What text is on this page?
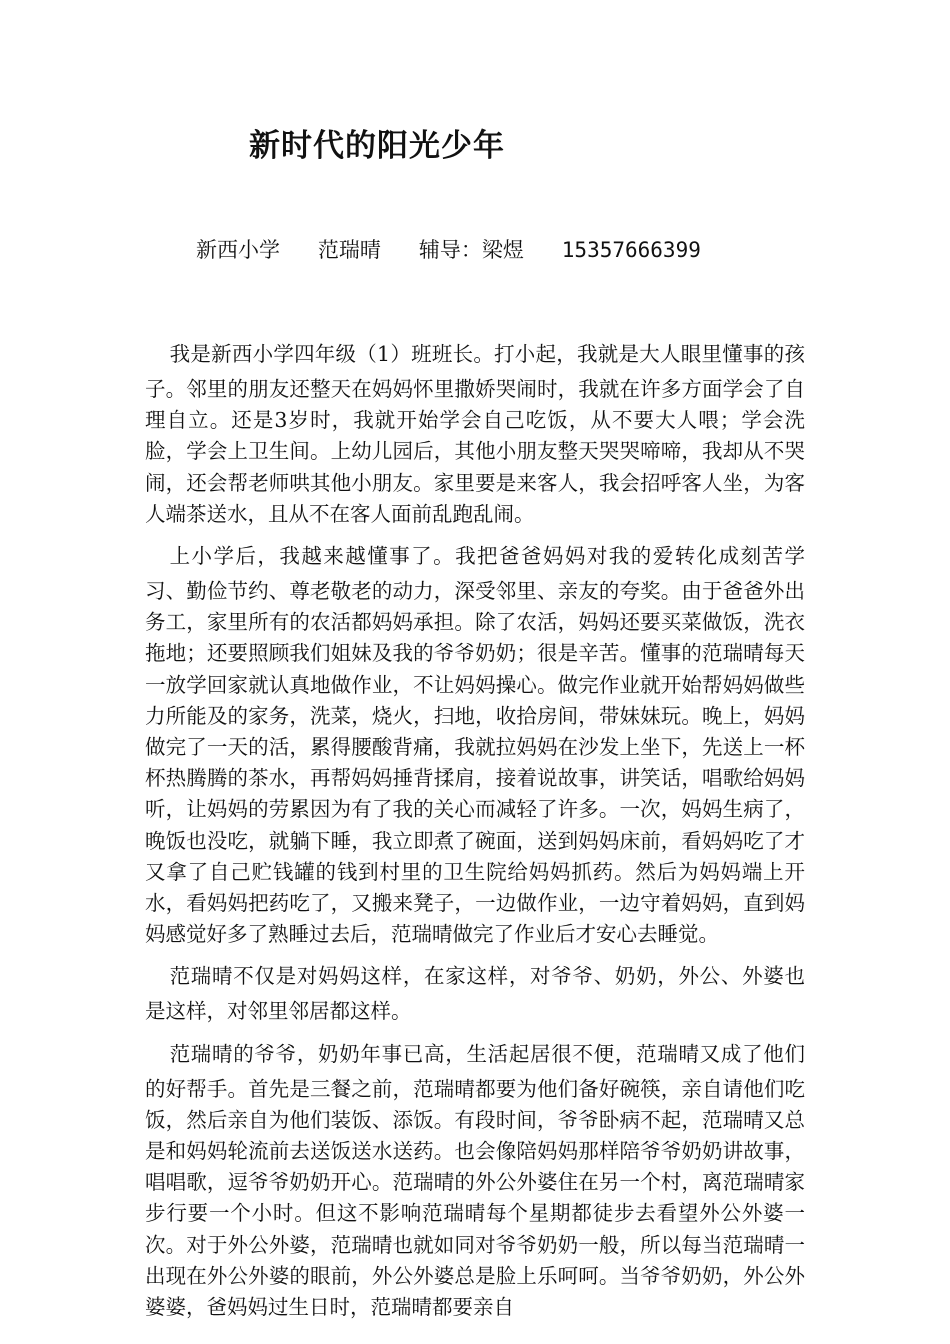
新时代的阳光少年

新西小学   范瑞晴   辅导：梁煜   15357666399

我是新西小学四年级（1）班班长。打小起，我就是大人眼里懂事的孩子。邻里的朋友还整天在妈妈怀里撒娇哭闹时，我就在许多方面学会了自理自立。还是3岁时，我就开始学会自己吃饭，从不要大人喂；学会洗脸，学会上卫生间。上幼儿园后，其他小朋友整天哭哭啼啼，我却从不哭闹，还会帮老师哄其他小朋友。家里要是来客人，我会招呼客人坐，为客人端茶送水，且从不在客人面前乱跑乱闹。

上小学后，我越来越懂事了。我把爸爸妈妈对我的爱转化成刻苦学习、勤俭节约、尊老敬老的动力，深受邻里、亲友的夸奖。由于爸爸外出务工，家里所有的农活都妈妈承担。除了农活，妈妈还要买菜做饭，洗衣拖地；还要照顾我们姐妹及我的爷爷奶奶；很是辛苦。懂事的范瑞晴每天一放学回家就认真地做作业，不让妈妈操心。做完作业就开始帮妈妈做些力所能及的家务，洗菜，烧火，扫地，收拾房间，带妹妹玩。晚上，妈妈做完了一天的活，累得腰酸背痛，我就拉妈妈在沙发上坐下，先送上一杯杯热腾腾的茶水，再帮妈妈捶背揉肩，接着说故事，讲笑话，唱歌给妈妈听，让妈妈的劳累因为有了我的关心而减轻了许多。一次，妈妈生病了，晚饭也没吃，就躺下睡，我立即煮了碗面，送到妈妈床前，看妈妈吃了才又拿了自己贮钱罐的钱到村里的卫生院给妈妈抓药。然后为妈妈端上开水，看妈妈把药吃了，又搬来凳子，一边做作业，一边守着妈妈，直到妈妈感觉好多了熟睡过去后，范瑞晴做完了作业后才安心去睡觉。

范瑞晴不仅是对妈妈这样，在家这样，对爷爷、奶奶，外公、外婆也是这样，对邻里邻居都这样。

范瑞晴的爷爷，奶奶年事已高，生活起居很不便，范瑞晴又成了他们的好帮手。首先是三餐之前，范瑞晴都要为他们备好碗筷，亲自请他们吃饭，然后亲自为他们装饭、添饭。有段时间，爷爷卧病不起，范瑞晴又总是和妈妈轮流前去送饭送水送药。也会像陪妈妈那样陪爷爷奶奶讲故事，唱唱歌，逗爷爷奶奶开心。范瑞晴的外公外婆住在另一个村，离范瑞晴家步行要一个小时。但这不影响范瑞晴每个星期都徒步去看望外公外婆一次。对于外公外婆，范瑞晴也就如同对爷爷奶奶一般，所以每当范瑞晴一出现在外公外婆的眼前，外公外婆总是脸上乐呵呵。当爷爷奶奶，外公外婆婆，爸妈妈过生日时，范瑞晴都要亲自
